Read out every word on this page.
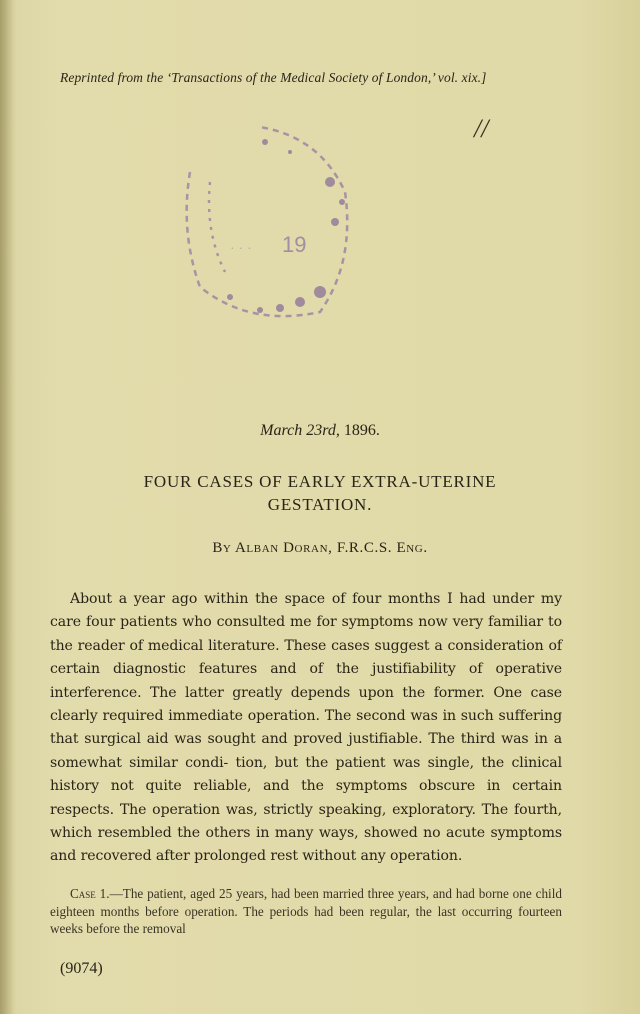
Reprinted from the ‘Transactions of the Medical Society of London,’ vol. xix.]
19
· · ·
//
March 23rd, 1896.
FOUR CASES OF EARLY EXTRA-UTERINE
GESTATION.
By Alban Doran, F.R.C.S. Eng.

About a year ago within the space of four months I had under my care four patients who consulted me for symptoms now very familiar to the reader of medical literature. These cases suggest a consideration of certain diagnostic features and of the justifiability of operative interference. The latter greatly depends upon the former. One case clearly required immediate operation. The second was in such suffering that surgical aid was sought and proved justifiable. The third was in a somewhat similar condi- tion, but the patient was single, the clinical history not quite reliable, and the symptoms obscure in certain respects. The operation was, strictly speaking, exploratory. The fourth, which resembled the others in many ways, showed no acute symptoms and recovered after prolonged rest without any operation.

Case 1.—The patient, aged 25 years, had been married three years, and had borne one child eighteen months before operation. The periods had been regular, the last occurring fourteen weeks before the removal

(9074)
